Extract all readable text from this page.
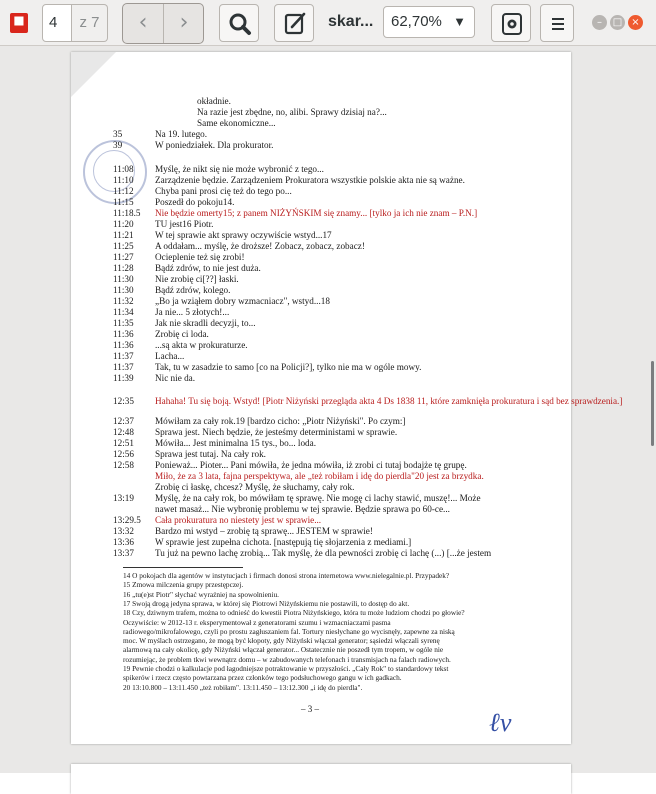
⯀	4	z 7	‹	›	skar...	62,70% ▼	–	□ ×
okładnie.
Na razie jest zbędne, no, alibi. Sprawy dzisiaj na?...
Same ekonomiczne...
35	Na 19. lutego.
39	W poniedziałek. Dla prokurator.
11:08 Myślę, że nikt się nie może wybronić z tego...
11:10 Zarządzenie będzie. Zarządzeniem Prokuratora wszystkie polskie akta nie są ważne.
11:12 Chyba pani prosi cię też do tego po...
11:15 Poszedł do pokoju14.
11:18.5 Nie będzie omerty15; z panem NIŻYŃSKIM się znamy... [tylko ja ich nie znam – P.N.]
11:20 TU jest16 Piotr.
11:21 W tej sprawie akt sprawy oczywiście wstyd...17
11:25 A oddałam... myślę, że droższe! Zobacz, zobacz, zobacz!
11:27 Ocieplenie też się zrobi!
11:28 Bądź zdrów, to nie jest duża.
11:30 Nie zrobię ci[??] łaski.
11:30 Bądź zdrów, kolego.
11:32 „Bo ja wziąłem dobry wzmacniacz", wstyd...18
11:34 Ja nie... 5 złotych!...
11:35 Jak nie skradli decyzji, to...
11:36 Zrobię ci loda.
11:36 ...są akta w prokuraturze.
11:37 Lacha...
11:37 Tak, tu w zasadzie to samo [co na Policji?], tylko nie ma w ogóle mowy.
11:39 Nic nie da.
12:35 Hahaha! Tu się boją. Wstyd! [Piotr Niżyński przegląda akta 4 Ds 1838 11, które zamknięła prokuratura i sąd bez sprawdzenia.]
12:37 Mówiłam za cały rok.19 [bardzo cicho: „Piotr Niżyński". Po czym:]
12:48 Sprawa jest. Niech będzie, że jesteśmy deterministami w sprawie.
12:51 Mówiła... Jest minimalna 15 tys., bo... loda.
12:56 Sprawa jest tutaj. Na cały rok.
12:58 Ponieważ... Pioter... Pani mówiła, że jedna mówiła, iż zrobi ci tutaj bodajże tę grupę.
Miło, że za 3 lata, fajna perspektywa, ale „też robiłam i idę do pierdla"20 jest za brzydka.
Zrobię ci łaskę, chcesz? Myślę, że słuchamy, cały rok.
13:19 Myślę, że na cały rok, bo mówiłam tę sprawę. Nie mogę ci lachy stawić, muszę!... Może
nawet masaż... Nie wybronię problemu w tej sprawie. Będzie sprawa po 60-ce...
13:29.5 Cała prokuratura no niestety jest w sprawie...
13:32 Bardzo mi wstyd – zrobię tą sprawę... JESTEM w sprawie!
13:36 W sprawie jest zupełna cichota. [następują tię słojarzenia z mediami.]
13:37 Tu już na pewno lachę zrobią... Tak myślę, że dla pewności zrobię ci lachę (...) [...że jestem
14 O pokojach dla agentów w instytucjach i firmach donosi strona internetowa www.nielegalnie.pl. Przypadek?
15 Zmowa milczenia grupy przestępczej.
16 „tu(e)st Piotr" słychać wyraźniej na spowolnieniu.
17 Swoją drogą jedyna sprawa, w której się Piotrowi Niżyńskiemu nie postawili, to dostęp do akt.
18 Czy, dziwnym trafem, można to odnieść do kwestii Piotra Niżyńskiego, która tu może ludziom chodzi po głowie?
Oczywiście: w 2012-13 r. eksperymentował z generatorami szumu i wzmacniaczami pasma
radiowego/mikrofalowego, czyli po prostu zagłuszaniem fal. Tortury niesłychane go wycisnęły, zapewne za niską
moc. W myślach ostrzegano, że mogą być kłopoty, gdy Niżyński włączał generator; sąsiedzi włączali syrenę
alarmową na cały okolicę, gdy Niżyński włączał generator... Ostatecznie nie poszedł tym tropem, w ogóle nie
rozumiejąc, że problem tkwi wewnątrz domu – w zabudowanych telefonach i transmisjach na falach radiowych.
19 Pewnie chodzi o kalkulacje pod łagodniejsze potraktowanie w przyszłości. „Cały Rok" to standardowy tekst
spikerów i rzecz często powtarzana przez członków tego podsłuchowego gangu w ich gadkach.
20 13:10.800 – 13:11.450 „też robiłam". 13:11.450 – 13:12.300 „i idę do pierdla".
– 3 –	ℓv
